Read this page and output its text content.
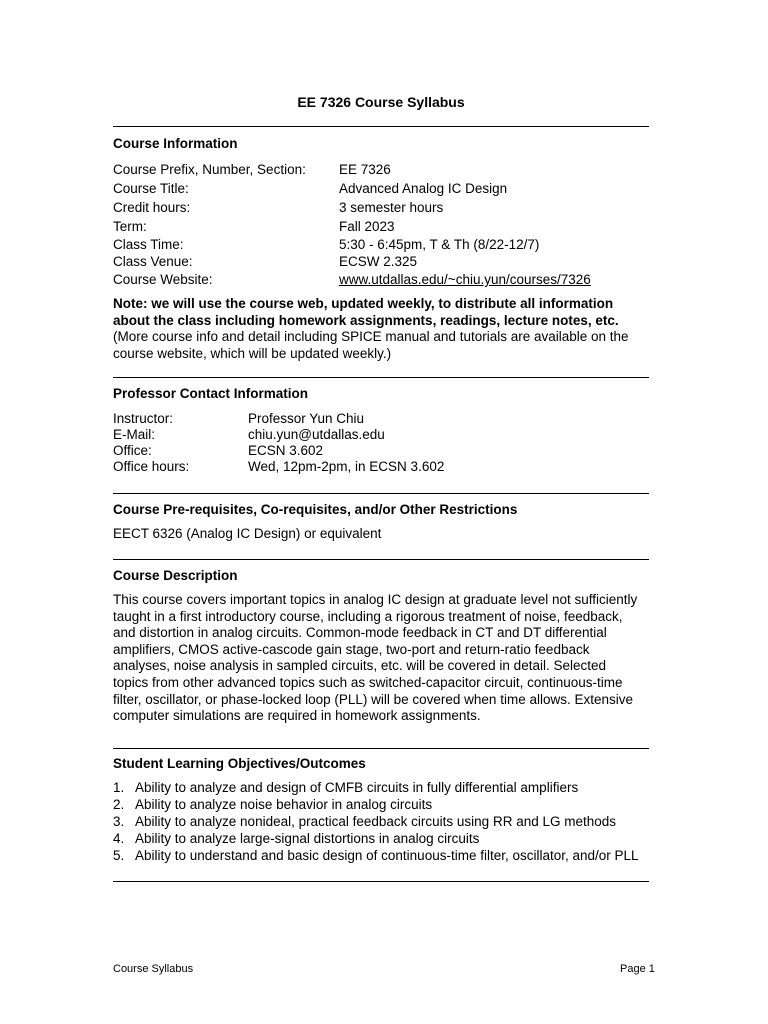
EE 7326 Course Syllabus
Course Information
Course Prefix, Number, Section: EE 7326
Course Title:	Advanced Analog IC Design
Credit hours:	3 semester hours
Term:	Fall 2023
Class Time:	5:30 - 6:45pm, T & Th (8/22-12/7)
Class Venue:	ECSW 2.325
Course Website:	www.utdallas.edu/~chiu.yun/courses/7326
Note: we will use the course web, updated weekly, to distribute all information
about the class including homework assignments, readings, lecture notes, etc.
(More course info and detail including SPICE manual and tutorials are available on the
course website, which will be updated weekly.)
Professor Contact Information
Instructor:	Professor Yun Chiu
E-Mail:	chiu.yun@utdallas.edu
Office:	ECSN 3.602
Office hours:	Wed, 12pm-2pm, in ECSN 3.602
Course Pre-requisites, Co-requisites, and/or Other Restrictions
EECT 6326 (Analog IC Design) or equivalent
Course Description
This course covers important topics in analog IC design at graduate level not sufficiently
taught in a first introductory course, including a rigorous treatment of noise, feedback,
and distortion in analog circuits. Common-mode feedback in CT and DT differential
amplifiers, CMOS active-cascode gain stage, two-port and return-ratio feedback
analyses, noise analysis in sampled circuits, etc. will be covered in detail. Selected
topics from other advanced topics such as switched-capacitor circuit, continuous-time
filter, oscillator, or phase-locked loop (PLL) will be covered when time allows. Extensive
computer simulations are required in homework assignments.
Student Learning Objectives/Outcomes
1. Ability to analyze and design of CMFB circuits in fully differential amplifiers
2. Ability to analyze noise behavior in analog circuits
3. Ability to analyze nonideal, practical feedback circuits using RR and LG methods
4. Ability to analyze large-signal distortions in analog circuits
5. Ability to understand and basic design of continuous-time filter, oscillator, and/or PLL
Course Syllabus	Page 1
